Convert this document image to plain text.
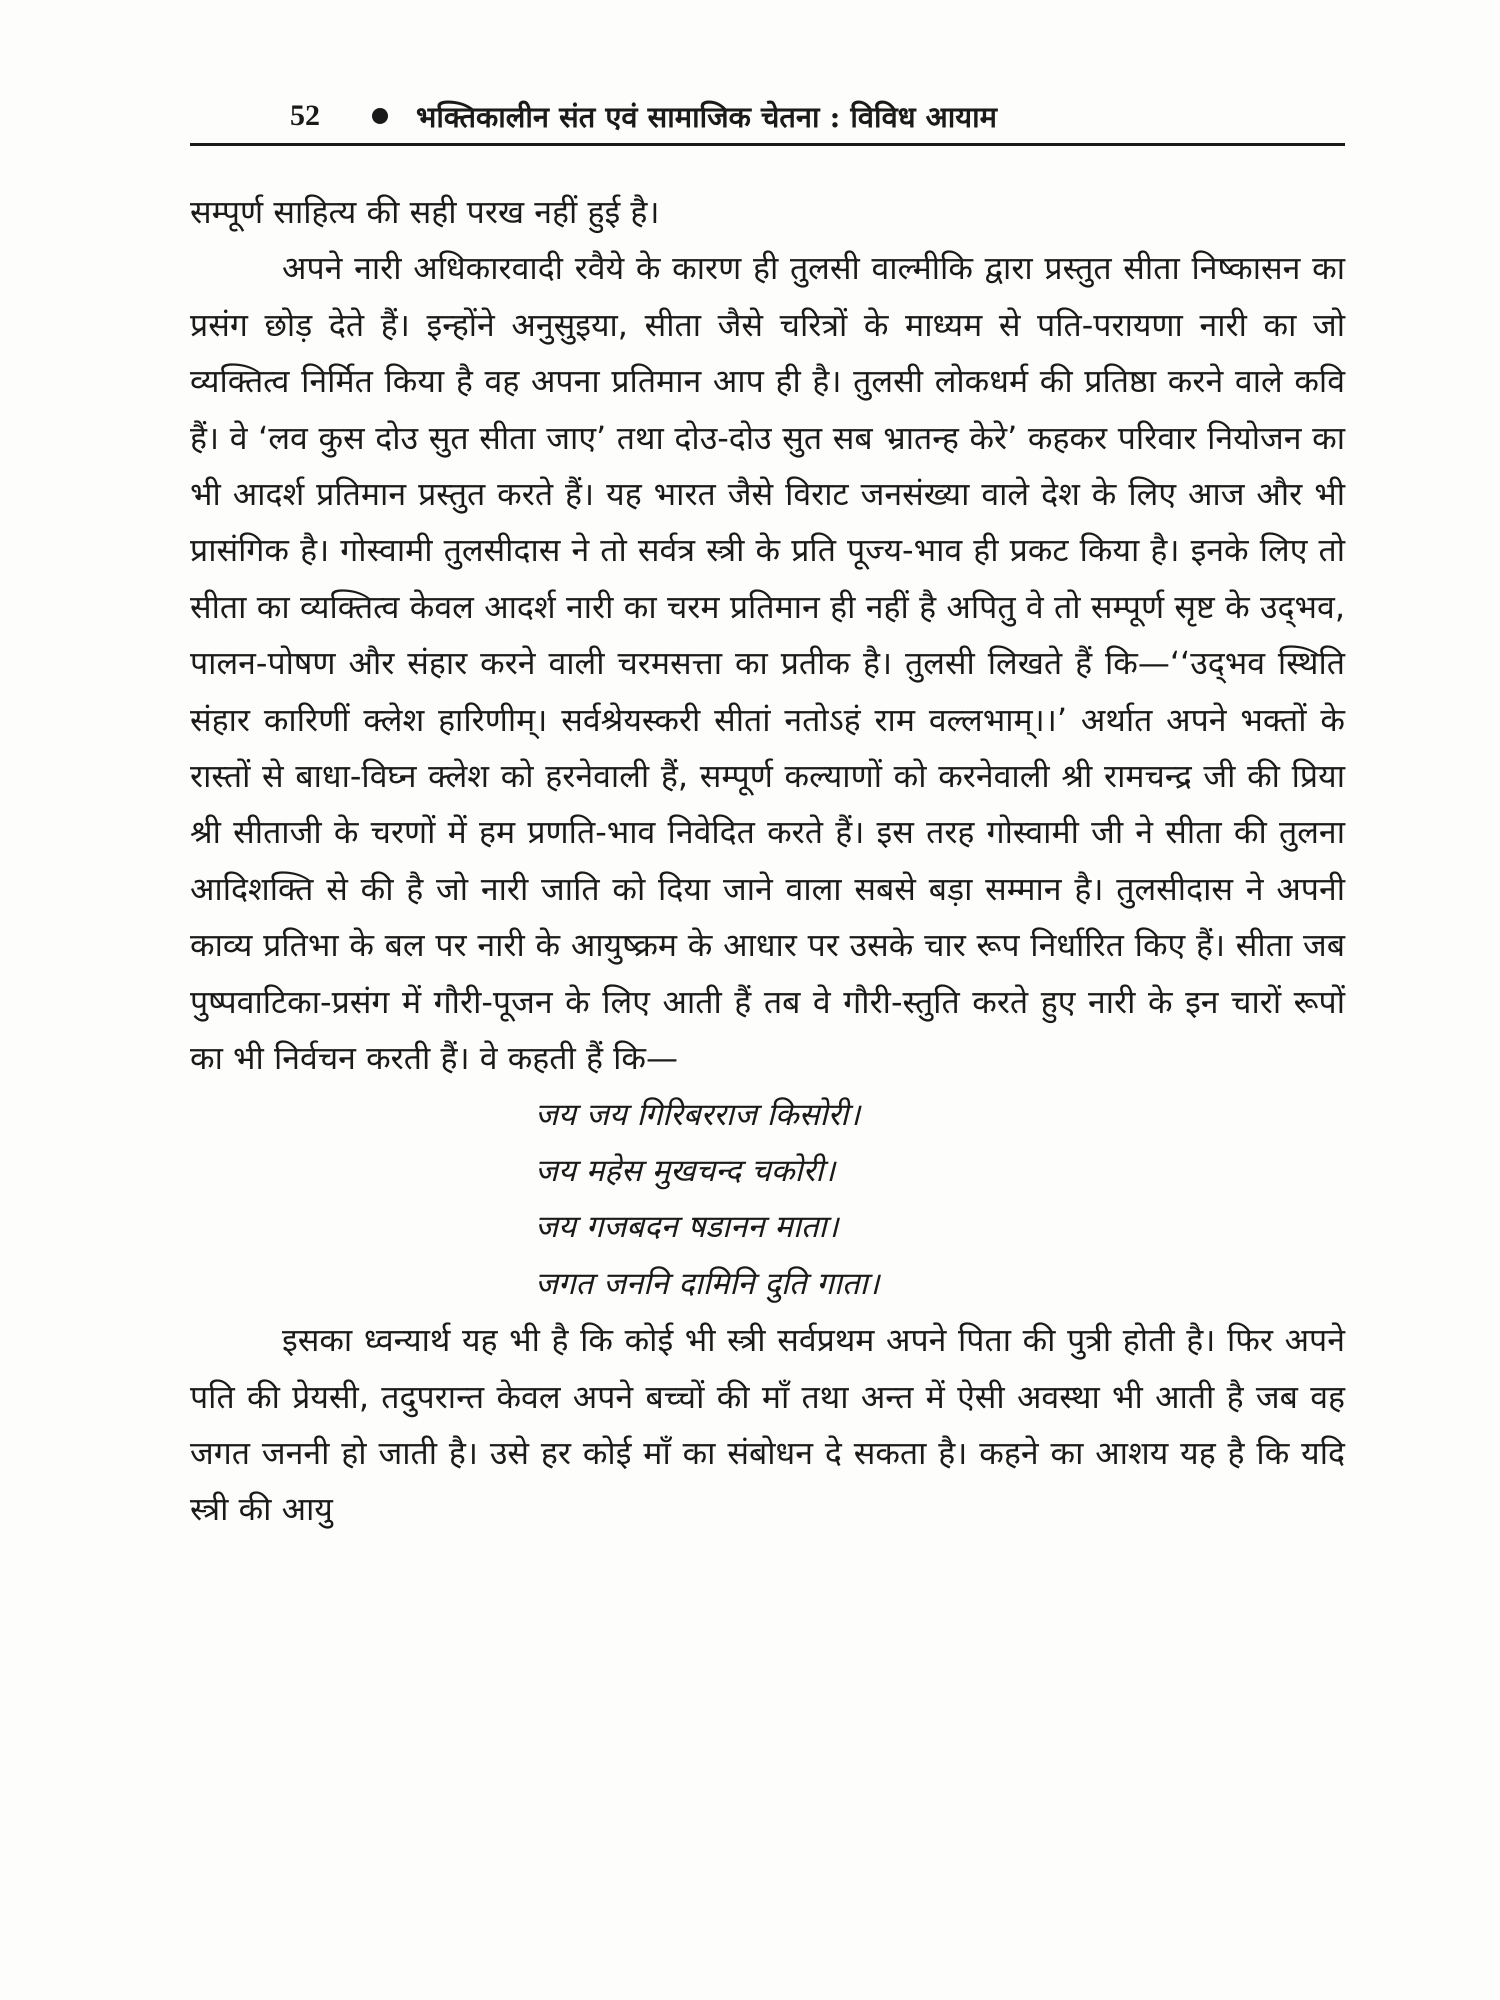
52	भक्तिकालीन संत एवं सामाजिक चेतना : विविध आयाम

सम्पूर्ण साहित्य की सही परख नहीं हुई है।

अपने नारी अधिकारवादी रवैये के कारण ही तुलसी वाल्मीकि द्वारा प्रस्तुत सीता निष्कासन का प्रसंग छोड़ देते हैं। इन्होंने अनुसुइया, सीता जैसे चरित्रों के माध्यम से पति-परायणा नारी का जो व्यक्तित्व निर्मित किया है वह अपना प्रतिमान आप ही है। तुलसी लोकधर्म की प्रतिष्ठा करने वाले कवि हैं। वे ‘लव कुस दोउ सुत सीता जाए’ तथा दोउ-दोउ सुत सब भ्रातन्ह केरे’ कहकर परिवार नियोजन का भी आदर्श प्रतिमान प्रस्तुत करते हैं। यह भारत जैसे विराट जनसंख्या वाले देश के लिए आज और भी प्रासंगिक है। गोस्वामी तुलसीदास ने तो सर्वत्र स्त्री के प्रति पूज्य-भाव ही प्रकट किया है। इनके लिए तो सीता का व्यक्तित्व केवल आदर्श नारी का चरम प्रतिमान ही नहीं है अपितु वे तो सम्पूर्ण सृष्ट के उद्‌भव, पालन-पोषण और संहार करने वाली चरमसत्ता का प्रतीक है। तुलसी लिखते हैं कि—‘‘उद्‌भव स्थिति संहार कारिणीं क्लेश हारिणीम्। सर्वश्रेयस्करी सीतां नतोऽहं राम वल्लभाम्।।’ अर्थात अपने भक्तों के रास्तों से बाधा-विघ्न क्लेश को हरनेवाली हैं, सम्पूर्ण कल्याणों को करनेवाली श्री रामचन्द्र जी की प्रिया श्री सीताजी के चरणों में हम प्रणति-भाव निवेदित करते हैं। इस तरह गोस्वामी जी ने सीता की तुलना आदिशक्ति से की है जो नारी जाति को दिया जाने वाला सबसे बड़ा सम्मान है। तुलसीदास ने अपनी काव्य प्रतिभा के बल पर नारी के आयुष्क्रम के आधार पर उसके चार रूप निर्धारित किए हैं। सीता जब पुष्पवाटिका-प्रसंग में गौरी-पूजन के लिए आती हैं तब वे गौरी-स्तुति करते हुए नारी के इन चारों रूपों का भी निर्वचन करती हैं। वे कहती हैं कि—

जय जय गिरिबरराज किसोरी।
जय महेस मुखचन्द चकोरी।
जय गजबदन षडानन माता।
जगत जननि दामिनि दुति गाता।

इसका ध्वन्यार्थ यह भी है कि कोई भी स्त्री सर्वप्रथम अपने पिता की पुत्री होती है। फिर अपने पति की प्रेयसी, तदुपरान्त केवल अपने बच्चों की माँ तथा अन्त में ऐसी अवस्था भी आती है जब वह जगत जननी हो जाती है। उसे हर कोई माँ का संबोधन दे सकता है। कहने का आशय यह है कि यदि स्त्री की आयु
